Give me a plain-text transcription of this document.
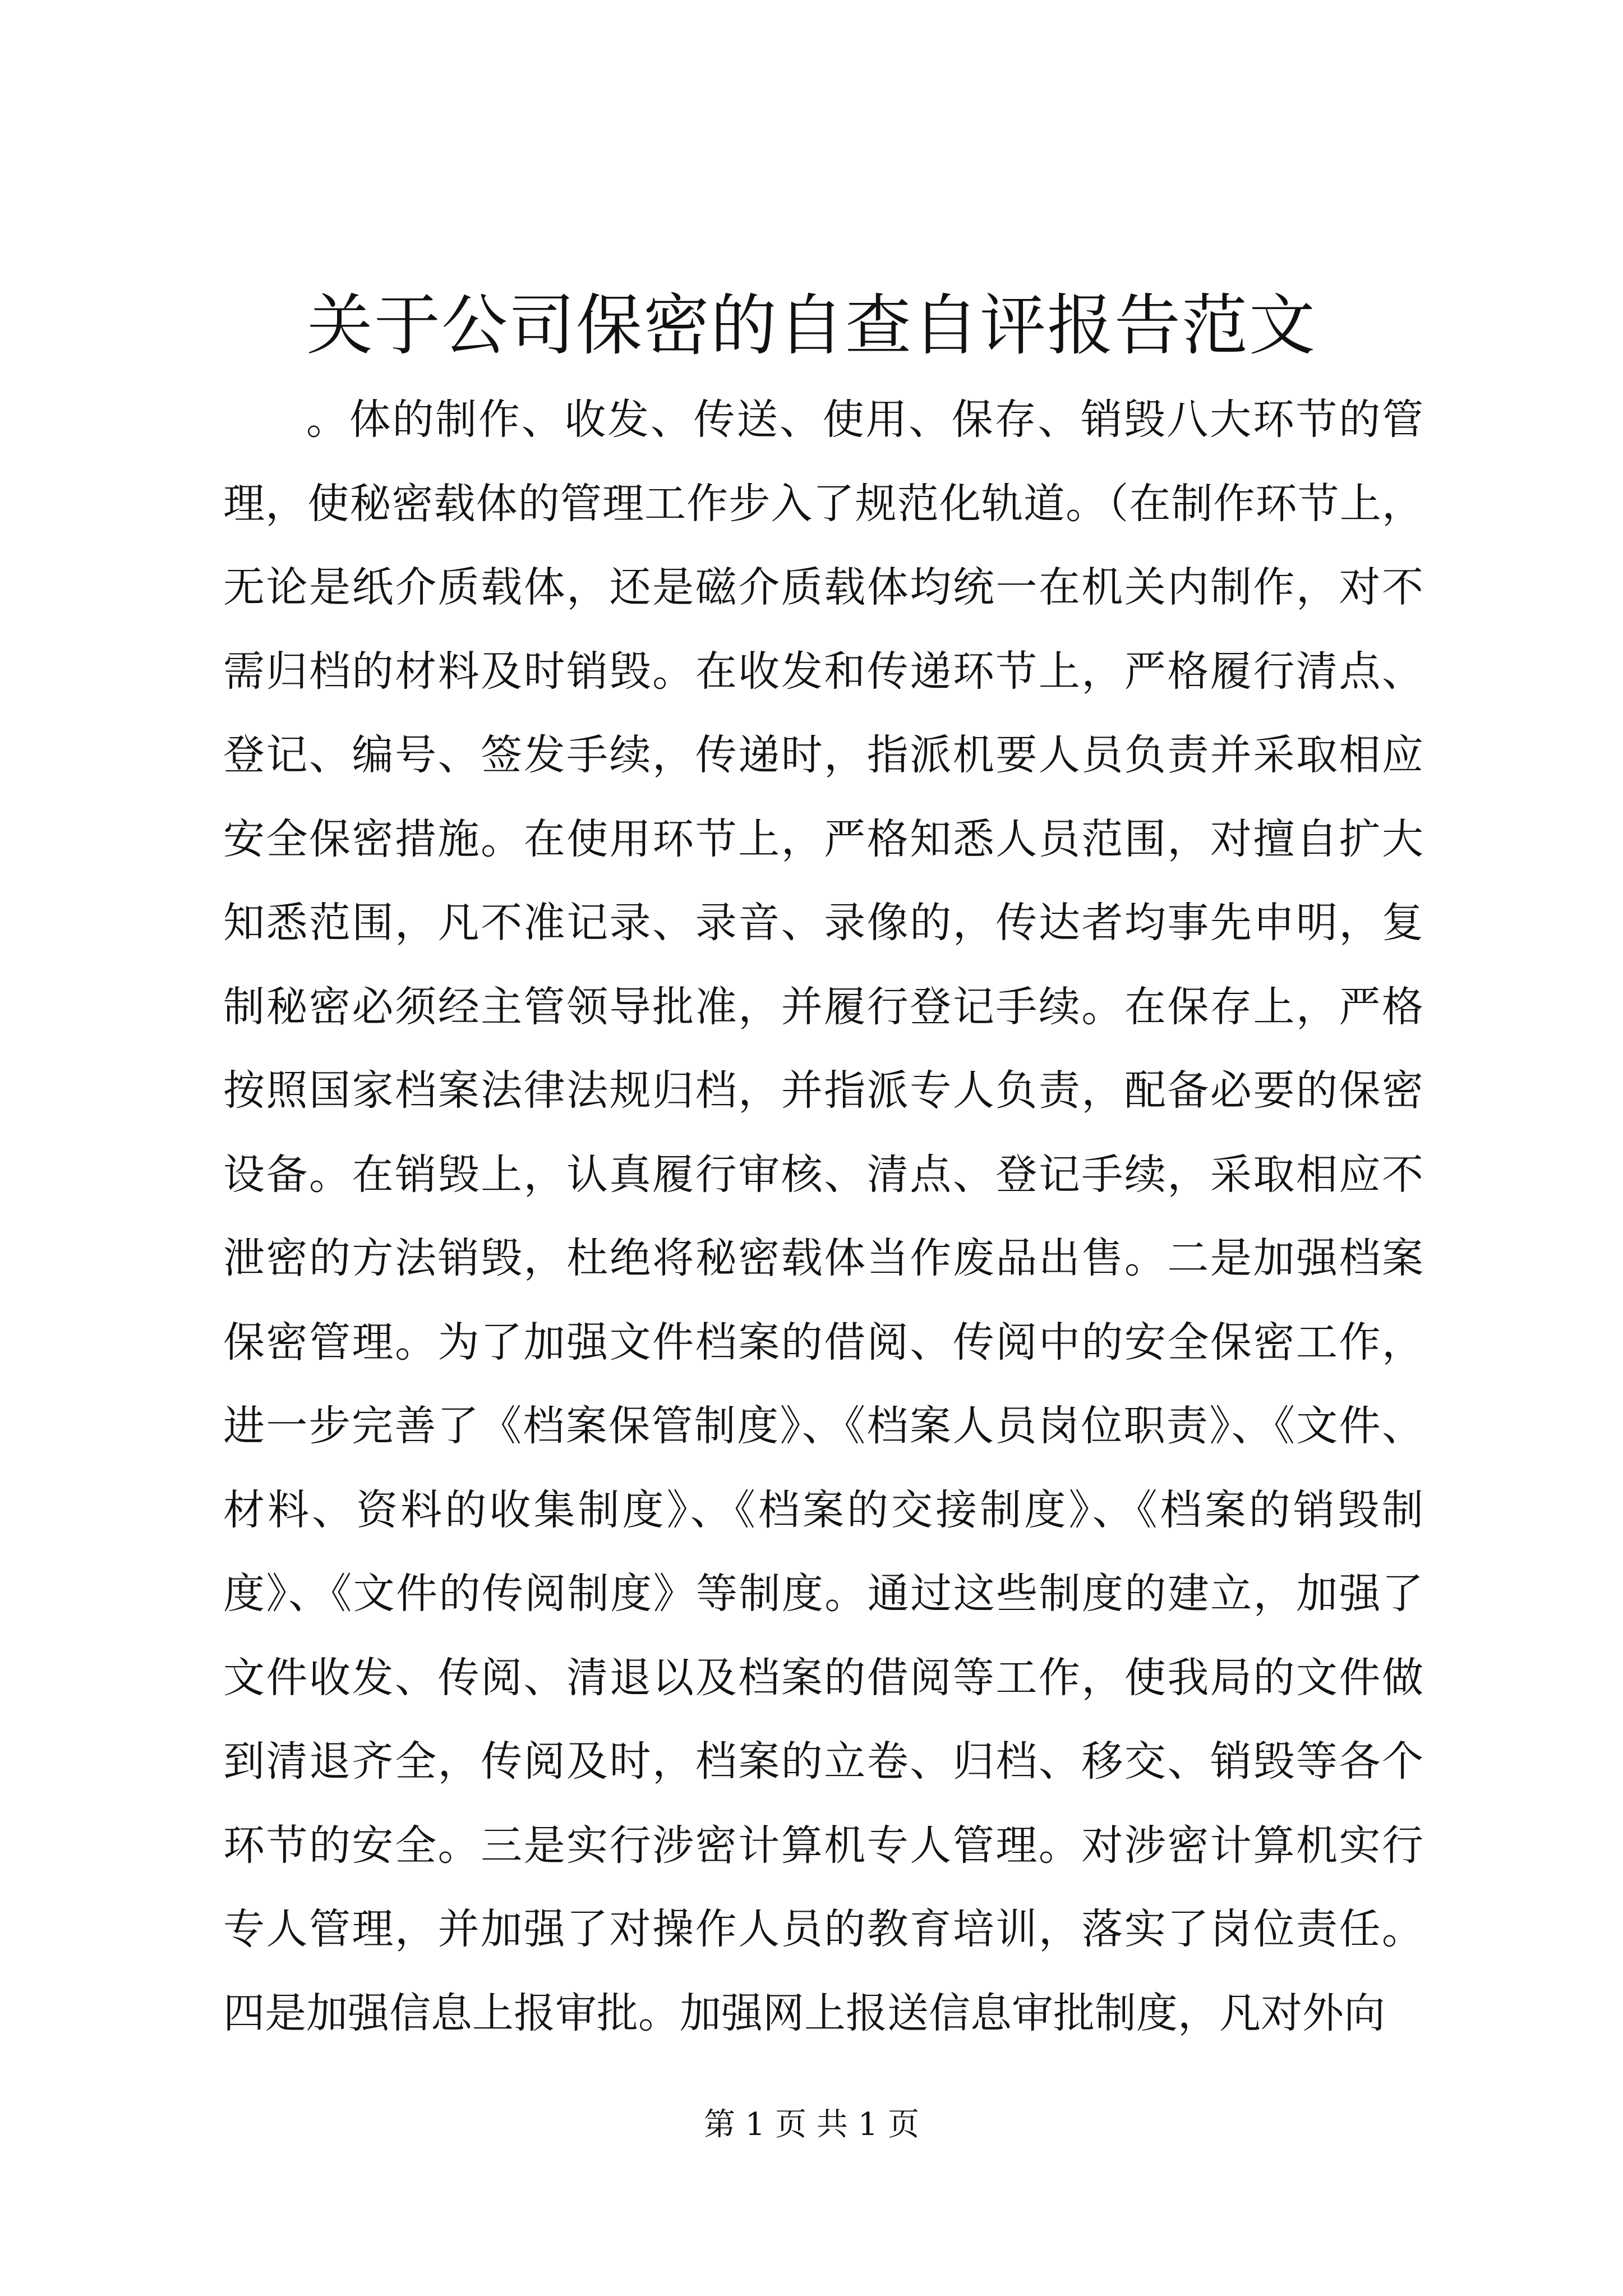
关于公司保密的自查自评报告范文
。体的制作、收发、传送、使用、保存、销毁八大环节的管
理，使秘密载体的管理工作步入了规范化轨道。（在制作环节上，
无论是纸介质载体，还是磁介质载体均统一在机关内制作，对不
需归档的材料及时销毁。在收发和传递环节上，严格履行清点、
登记、编号、签发手续，传递时，指派机要人员负责并采取相应
安全保密措施。在使用环节上，严格知悉人员范围，对擅自扩大
知悉范围，凡不准记录、录音、录像的，传达者均事先申明，复
制秘密必须经主管领导批准，并履行登记手续。在保存上，严格
按照国家档案法律法规归档，并指派专人负责，配备必要的保密
设备。在销毁上，认真履行审核、清点、登记手续，采取相应不
泄密的方法销毁，杜绝将秘密载体当作废品出售。二是加强档案
保密管理。为了加强文件档案的借阅、传阅中的安全保密工作，
进一步完善了《档案保管制度》、《档案人员岗位职责》、《文件、
材料、资料的收集制度》、《档案的交接制度》、《档案的销毁制
度》、《文件的传阅制度》等制度。通过这些制度的建立，加强了
文件收发、传阅、清退以及档案的借阅等工作，使我局的文件做
到清退齐全，传阅及时，档案的立卷、归档、移交、销毁等各个
环节的安全。三是实行涉密计算机专人管理。对涉密计算机实行
专人管理，并加强了对操作人员的教育培训，落实了岗位责任。
四是加强信息上报审批。加强网上报送信息审批制度，凡对外向
第 1 页 共 1 页
